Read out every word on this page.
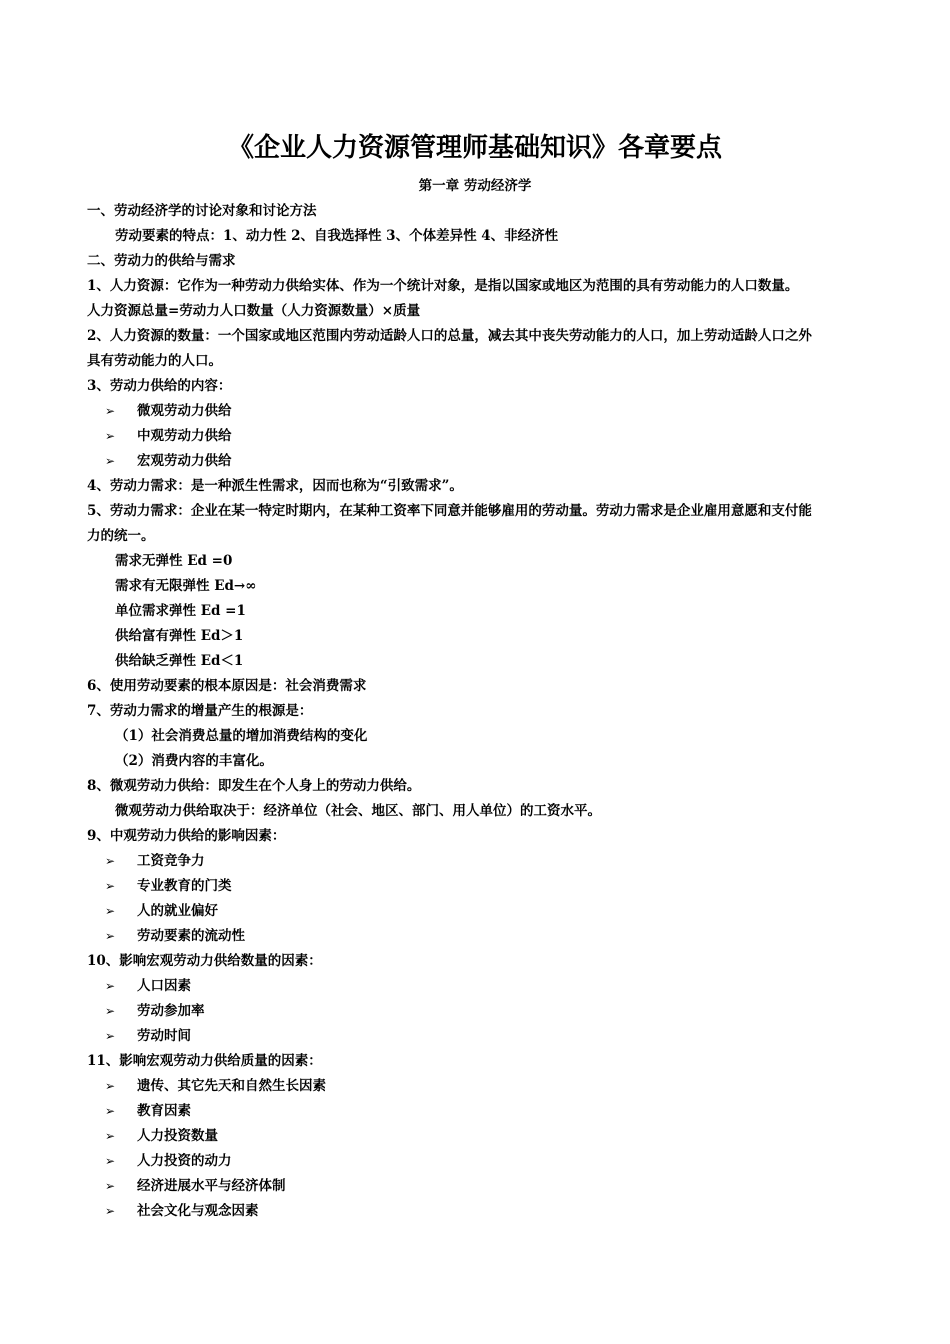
《企业人力资源管理师基础知识》各章要点
第一章 劳动经济学
一、劳动经济学的讨论对象和讨论方法
劳动要素的特点：1、动力性 2、自我选择性 3、个体差异性 4、非经济性
二、劳动力的供给与需求
1、人力资源：它作为一种劳动力供给实体、作为一个统计对象，是指以国家或地区为范围的具有劳动能力的人口数量。
人力资源总量=劳动力人口数量（人力资源数量）×质量
2、人力资源的数量：一个国家或地区范围内劳动适龄人口的总量，减去其中丧失劳动能力的人口，加上劳动适龄人口之外
具有劳动能力的人口。
3、劳动力供给的内容：
➢ 微观劳动力供给
➢ 中观劳动力供给
➢ 宏观劳动力供给
4、劳动力需求：是一种派生性需求，因而也称为“引致需求”。
5、劳动力需求：企业在某一特定时期内，在某种工资率下同意并能够雇用的劳动量。劳动力需求是企业雇用意愿和支付能
力的统一。
需求无弹性 Ed =0
需求有无限弹性 Ed→∞
单位需求弹性 Ed =1
供给富有弹性 Ed＞1
供给缺乏弹性 Ed＜1
6、使用劳动要素的根本原因是：社会消费需求
7、劳动力需求的增量产生的根源是：
（1）社会消费总量的增加消费结构的变化
（2）消费内容的丰富化。
8、微观劳动力供给：即发生在个人身上的劳动力供给。
微观劳动力供给取决于：经济单位（社会、地区、部门、用人单位）的工资水平。
9、中观劳动力供给的影响因素：
➢ 工资竞争力
➢ 专业教育的门类
➢ 人的就业偏好
➢ 劳动要素的流动性
10、影响宏观劳动力供给数量的因素：
➢ 人口因素
➢ 劳动参加率
➢ 劳动时间
11、影响宏观劳动力供给质量的因素：
➢ 遗传、其它先天和自然生长因素
➢ 教育因素
➢ 人力投资数量
➢ 人力投资的动力
➢ 经济进展水平与经济体制
➢ 社会文化与观念因素
